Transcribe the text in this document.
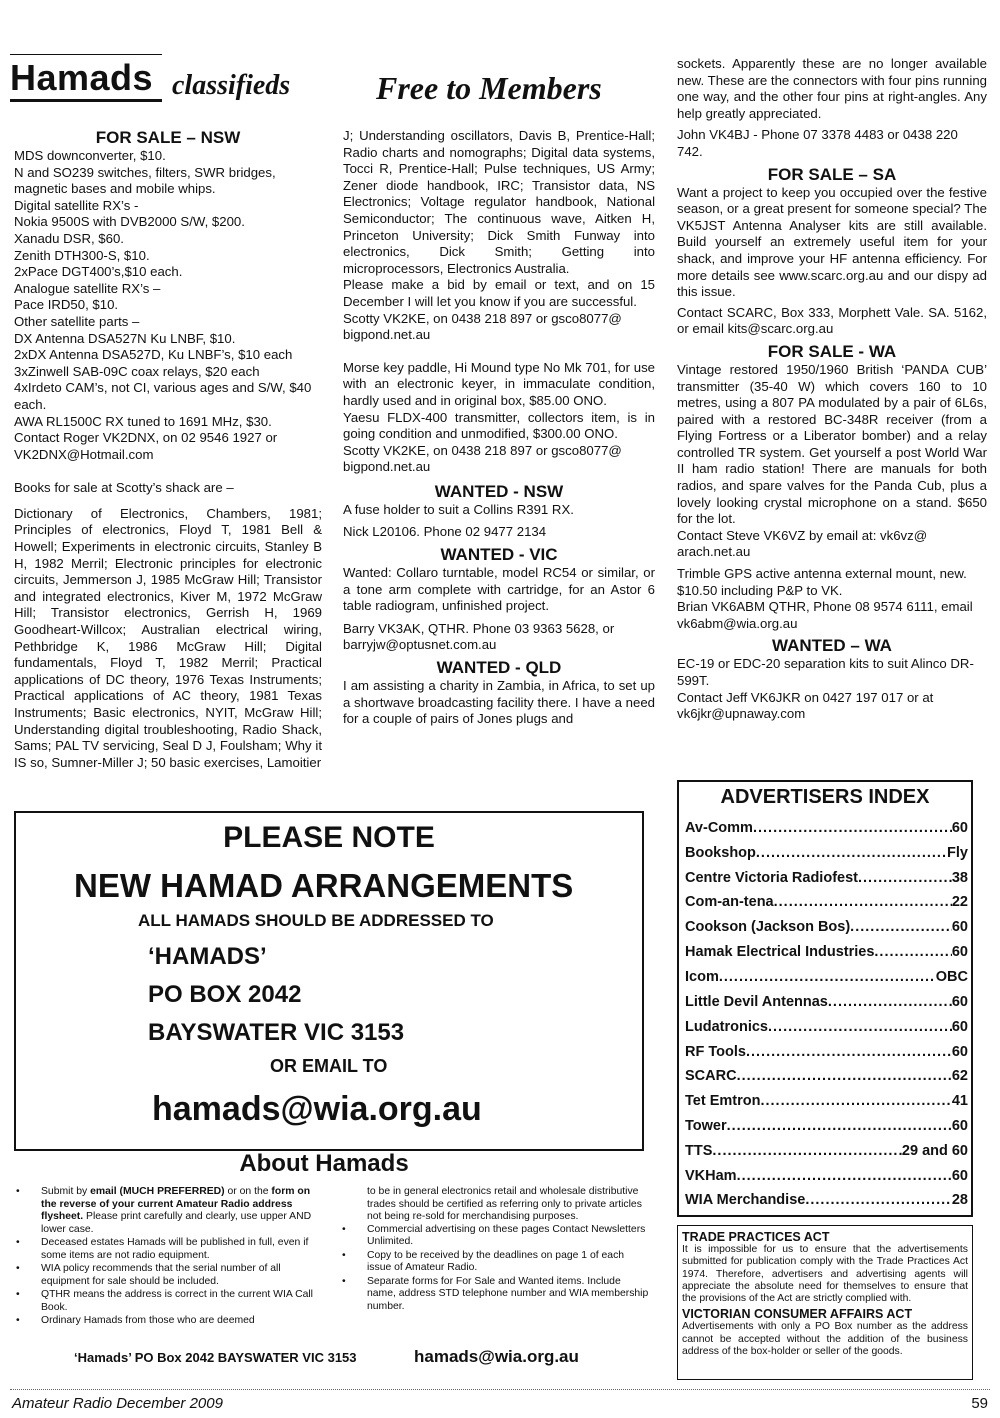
Hamads classifieds	Free to Members

FOR SALE – NSW

MDS downconverter, $10.

N and SO239 switches, filters, SWR bridges, magnetic bases and mobile whips.

Digital satellite RX’s -

Nokia 9500S with DVB2000 S/W, $200.

Xanadu DSR, $60.

Zenith DTH300-S, $10.

2xPace DGT400’s,$10 each.

Analogue satellite RX’s –

Pace IRD50, $10.

Other satellite parts –

DX Antenna DSA527N Ku LNBF, $10.

2xDX Antenna DSA527D, Ku LNBF’s, $10 each

3xZinwell SAB-09C coax relays, $20 each

4xIrdeto CAM’s, not CI, various ages and S/W, $40 each.

AWA RL1500C RX tuned to 1691 MHz, $30.

Contact Roger VK2DNX, on 02 9546 1927 or VK2DNX@Hotmail.com

Books for sale at Scotty’s shack are –

Dictionary of Electronics, Chambers, 1981; Principles of electronics, Floyd T, 1981 Bell & Howell; Experiments in electronic circuits, Stanley B H, 1982 Merril; Electronic principles for electronic circuits, Jemmerson J, 1985 McGraw Hill; Transistor and integrated electronics, Kiver M, 1972 McGraw Hill; Transistor electronics, Gerrish H, 1969 Goodheart-Willcox; Australian electrical wiring, Pethbridge K, 1986 McGraw Hill; Digital fundamentals, Floyd T, 1982 Merril; Practical applications of DC theory, 1976 Texas Instruments; Practical applications of AC theory, 1981 Texas Instruments; Basic electronics, NYIT, McGraw Hill; Understanding digital troubleshooting, Radio Shack, Sams; PAL TV servicing, Seal D J, Foulsham; Why it IS so, Sumner-Miller J; 50 basic exercises, Lamoitier

J; Understanding oscillators, Davis B, Prentice-Hall; Radio charts and nomographs; Digital data systems, Tocci R, Prentice-Hall; Pulse techniques, US Army; Zener diode handbook, IRC; Transistor data, NS Electronics; Voltage regulator handbook, National Semiconductor; The continuous wave, Aitken H, Princeton University; Dick Smith Funway into electronics, Dick Smith; Getting into microprocessors, Electronics Australia.

Please make a bid by email or text, and on 15 December I will let you know if you are successful.

Scotty VK2KE, on 0438 218 897 or gsco8077@ bigpond.net.au

Morse key paddle, Hi Mound type No Mk 701, for use with an electronic keyer, in immaculate condition, hardly used and in original box, $85.00 ONO.

Yaesu FLDX-400 transmitter, collectors item, is in going condition and unmodified, $300.00 ONO.

Scotty VK2KE, on 0438 218 897 or gsco8077@ bigpond.net.au

WANTED - NSW

A fuse holder to suit a Collins R391 RX.

Nick L20106. Phone 02 9477 2134

WANTED - VIC

Wanted: Collaro turntable, model RC54 or similar, or a tone arm complete with cartridge, for an Astor 6 table radiogram, unfinished project.

Barry VK3AK, QTHR. Phone 03 9363 5628, or barryjw@optusnet.com.au

WANTED - QLD

I am assisting a charity in Zambia, in Africa, to set up a shortwave broadcasting facility there. I have a need for a couple of pairs of Jones plugs and

sockets. Apparently these are no longer available new. These are the connectors with four pins running one way, and the other four pins at right-angles. Any help greatly appreciated.

John VK4BJ - Phone 07 3378 4483 or 0438 220 742.

FOR SALE – SA

Want a project to keep you occupied over the festive season, or a great present for someone special? The VK5JST Antenna Analyser kits are still available. Build yourself an extremely useful item for your shack, and improve your HF antenna efficiency. For more details see www.scarc.org.au and our dispy ad this issue.

Contact SCARC, Box 333, Morphett Vale. SA. 5162, or email kits@scarc.org.au

FOR SALE - WA

Vintage restored 1950/1960 British ‘PANDA CUB’ transmitter (35-40 W) which covers 160 to 10 metres, using a 807 PA modulated by a pair of 6L6s, paired with a restored BC-348R receiver (from a Flying Fortress or a Liberator bomber) and a relay controlled TR system. Get yourself a post World War II ham radio station! There are manuals for both radios, and spare valves for the Panda Cub, plus a lovely looking crystal microphone on a stand. $650 for the lot.

Contact Steve VK6VZ by email at: vk6vz@ arach.net.au

Trimble GPS active antenna external mount, new. $10.50 including P&P to VK.

Brian VK6ABM QTHR, Phone 08 9574 6111, email vk6abm@wia.org.au

WANTED – WA

EC-19 or EDC-20 separation kits to suit Alinco DR-599T.

Contact Jeff VK6JKR on 0427 197 017 or at vk6jkr@upnaway.com

PLEASE NOTE
NEW HAMAD ARRANGEMENTS
ALL HAMADS SHOULD BE ADDRESSED TO
‘HAMADS’
PO BOX 2042
BAYSWATER VIC 3153
OR EMAIL TO
hamads@wia.org.au
About Hamads
• Submit by email (MUCH PREFERRED) or on the form on the reverse of your current Amateur Radio address flysheet. Please print carefully and clearly, use upper AND lower case.
• Deceased estates Hamads will be published in full, even if some items are not radio equipment.
• WIA policy recommends that the serial number of all equipment for sale should be included.
• QTHR means the address is correct in the current WIA Call Book.
• Ordinary Hamads from those who are deemed
to be in general electronics retail and wholesale distributive trades should be certified as referring only to private articles not being re-sold for merchandising purposes.
• Commercial advertising on these pages Contact Newsletters Unlimited.
• Copy to be received by the deadlines on page 1 of each issue of Amateur Radio.
• Separate forms for For Sale and Wanted items. Include name, address STD telephone number and WIA membership number.
‘Hamads’ PO Box 2042 BAYSWATER VIC 3153	hamads@wia.org.au
ADVERTISERS INDEX
Av-Comm .....	60
Bookshop .....	Fly
Centre Victoria Radiofest .....	38
Com-an-tena .....	22
Cookson (Jackson Bos) .....	60
Hamak Electrical Industries .....	60
Icom .....	OBC
Little Devil Antennas .....	60
Ludatronics .....	60
RF Tools .....	60
SCARC .....	62
Tet Emtron .....	41
Tower .....	60
TTS .....	29 and 60
VKHam .....	60
WIA Merchandise .....	28
TRADE PRACTICES ACT
It is impossible for us to ensure that the advertisements submitted for publication comply with the Trade Practices Act 1974. Therefore, advertisers and advertising agents will appreciate the absolute need for themselves to ensure that the provisions of the Act are strictly complied with.
VICTORIAN CONSUMER AFFAIRS ACT
Advertisements with only a PO Box number as the address cannot be accepted without the addition of the business address of the box-holder or seller of the goods.
Amateur Radio December 2009	59
